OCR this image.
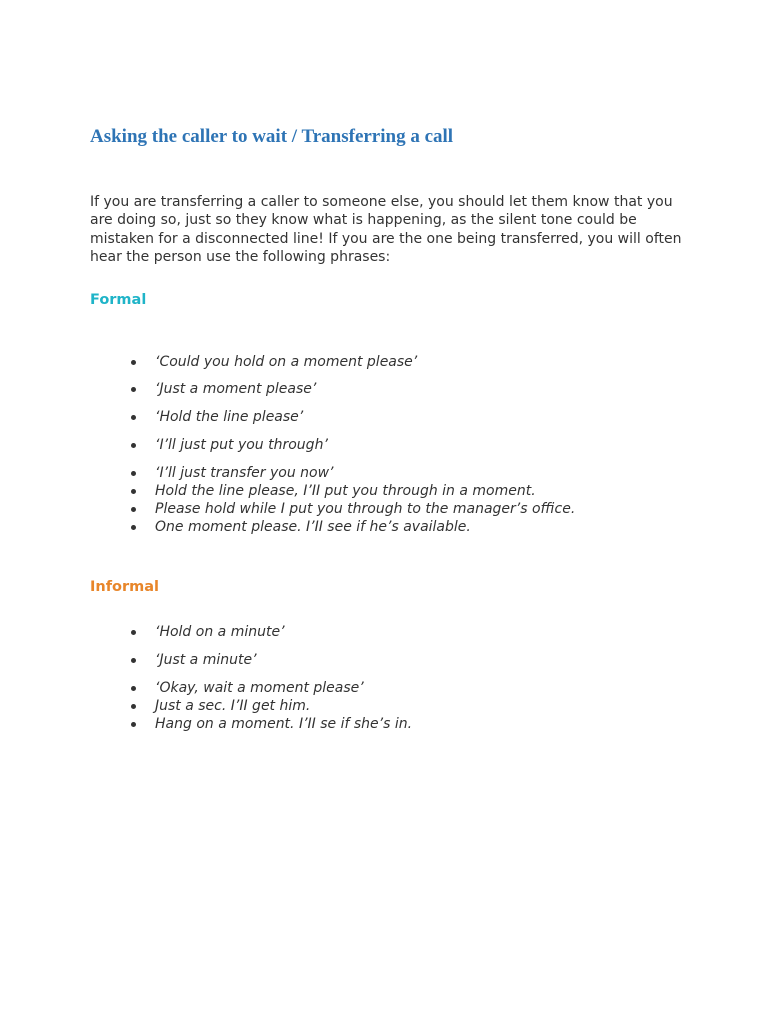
Asking the caller to wait / Transferring a call

If you are transferring a caller to someone else, you should let them know that you are doing so, just so they know what is happening, as the silent tone could be mistaken for a disconnected line! If you are the one being transferred, you will often hear the person use the following phrases:

Formal
‘Could you hold on a moment please’
‘Just a moment please’
‘Hold the line please’
‘I’ll just put you through’
‘I’ll just transfer you now’
Hold the line please, I’II put you through in a moment.
Please hold while I put you through to the manager’s office.
One moment please. I’II see if he’s available.
Informal
‘Hold on a minute’
‘Just a minute’
‘Okay, wait a moment please’
Just a sec. I’II get him.
Hang on a moment. I’II se if she’s in.
